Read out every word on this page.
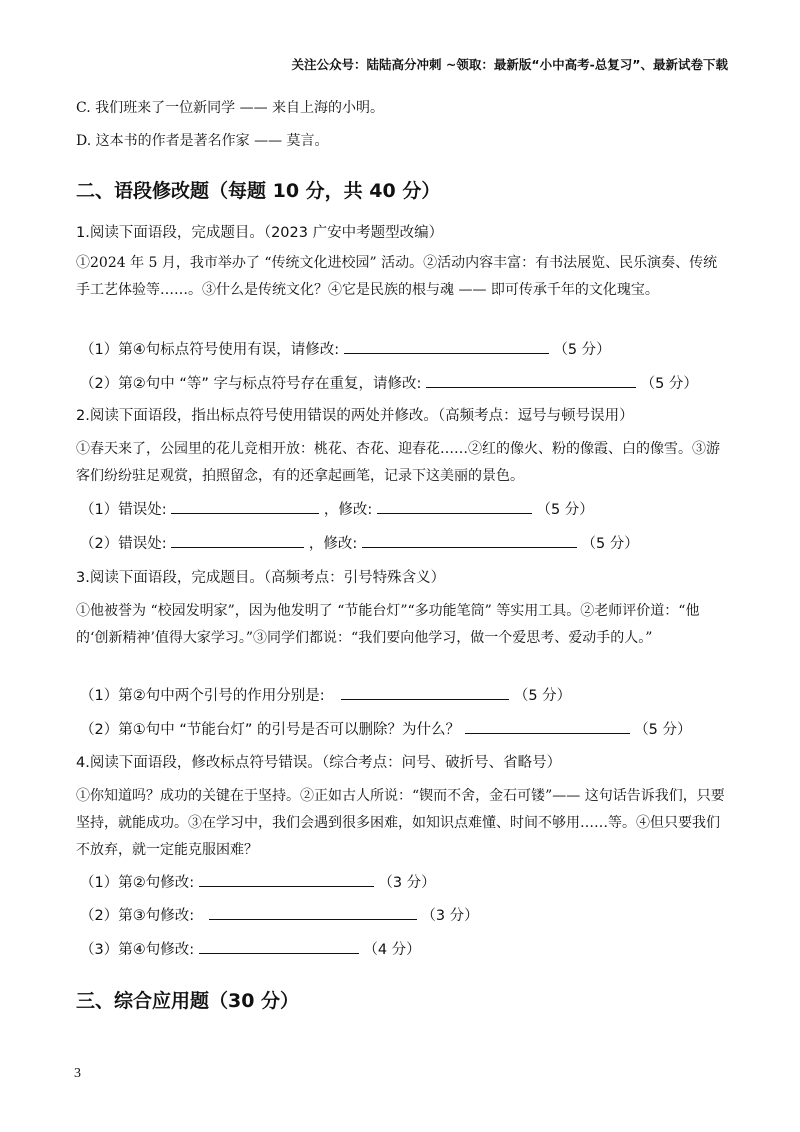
关注公众号：陆陆高分冲刺 ~领取：最新版“小中高考-总复习”、最新试卷下载
C. 我们班来了一位新同学 —— 来自上海的小明。
D. 这本书的作者是著名作家 —— 莫言。
二、语段修改题（每题 10 分，共 40 分）
1.阅读下面语段，完成题目。（2023 广安中考题型改编）
①2024 年 5 月，我市举办了 “传统文化进校园” 活动。②活动内容丰富：有书法展览、民乐演奏、传统手工艺体验等……。③什么是传统文化？④它是民族的根与魂 —— 即可传承千年的文化瑰宝。
（1）第④句标点符号使用有误，请修改:	（5 分）
（2）第②句中 “等” 字与标点符号存在重复，请修改:	（5 分）
2.阅读下面语段，指出标点符号使用错误的两处并修改。（高频考点：逗号与顿号误用）
①春天来了，公园里的花儿竞相开放：桃花、杏花、迎春花……②红的像火、粉的像霞、白的像雪。③游客们纷纷驻足观赏，拍照留念，有的还拿起画笔，记录下这美丽的景色。
（1）错误处:	，修改:	（5 分）
（2）错误处:	，修改:	（5 分）
3.阅读下面语段，完成题目。（高频考点：引号特殊含义）
①他被誉为 “校园发明家”，因为他发明了 “节能台灯”“多功能笔筒” 等实用工具。②老师评价道：“他的‘创新精神’值得大家学习。”③同学们都说：“我们要向他学习，做一个爱思考、爱动手的人。”
（1）第②句中两个引号的作用分别是:	（5 分）
（2）第①句中 “节能台灯” 的引号是否可以删除？为什么？	（5 分）
4.阅读下面语段，修改标点符号错误。（综合考点：问号、破折号、省略号）
①你知道吗？成功的关键在于坚持。②正如古人所说：“锲而不舍，金石可镂”—— 这句话告诉我们，只要坚持，就能成功。③在学习中，我们会遇到很多困难，如知识点难懂、时间不够用……等。④但只要我们不放弃，就一定能克服困难？
（1）第②句修改:	（3 分）
（2）第③句修改:	（3 分）
（3）第④句修改:	（4 分）
三、综合应用题（30 分）
3
